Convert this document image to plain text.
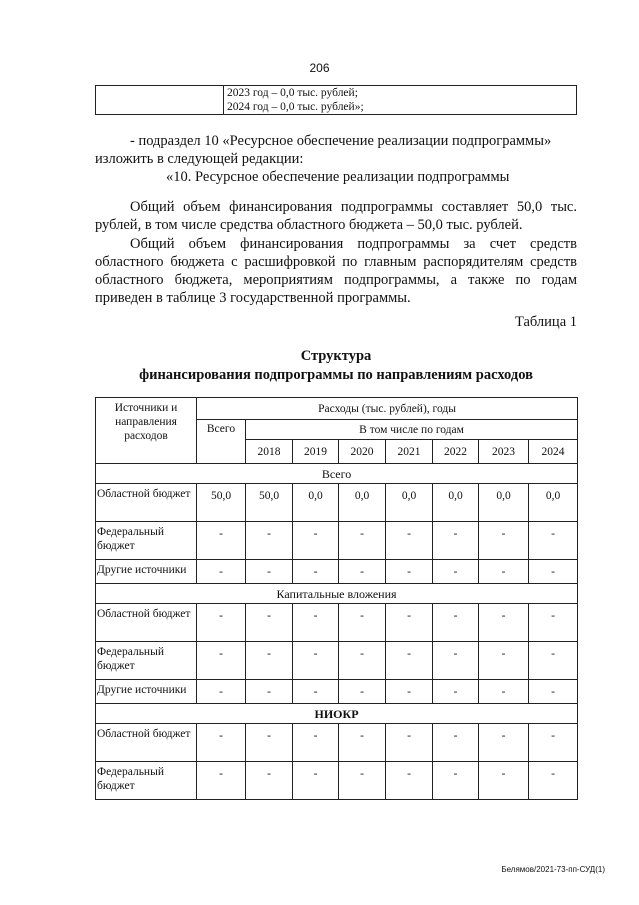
206

2023 год – 0,0 тыс. рублей;
2024 год – 0,0 тыс. рублей»;
- подраздел 10 «Ресурсное обеспечение реализации подпрограммы»
изложить в следующей редакции:
«10. Ресурсное обеспечение реализации подпрограммы
Общий объем финансирования подпрограммы составляет 50,0 тыс.
рублей, в том числе средства областного бюджета – 50,0 тыс. рублей.
Общий объем финансирования подпрограммы за счет средств
областного бюджета с расшифровкой по главным распорядителям средств
областного бюджета, мероприятиям подпрограммы, а также по годам
приведен в таблице 3 государственной программы.
Таблица 1
Структура
финансирования подпрограммы по направлениям расходов
Источники и направления расходов	Расходы (тыс. рублей), годы							
	Всего	В том числе по годам						
		2018	2019	2020	2021	2022	2023	2024
Всего								
Областной бюджет	50,0	50,0	0,0	0,0	0,0	0,0	0,0	0,0
Федеральный бюджет	-	-	-	-	-	-	-	-
Другие источники	-	-	-	-	-	-	-	-
Капитальные вложения								
Областной бюджет	-	-	-	-	-	-	-	-
Федеральный бюджет	-	-	-	-	-	-	-	-
Другие источники	-	-	-	-	-	-	-	-
НИОКР								
Областной бюджет	-	-	-	-	-	-	-	-
Федеральный бюджет	-	-	-	-	-	-	-	-
Белямов/2021-73-пп-СУД(1)
